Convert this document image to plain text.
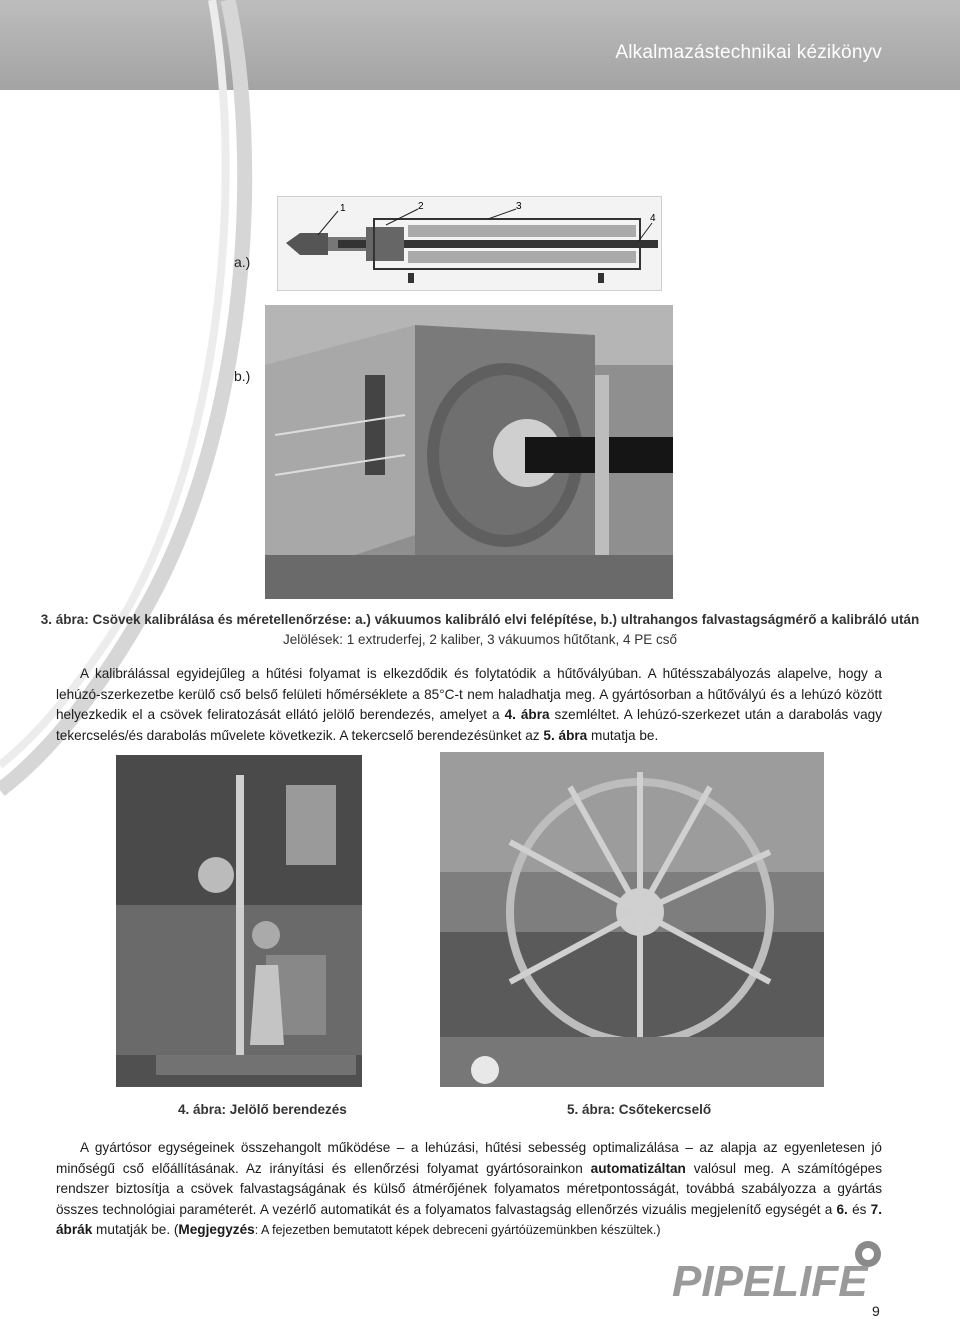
Alkalmazástechnikai kézikönyv
1	2	3
4
a.)
b.)
3. ábra: Csövek kalibrálása és méretellenőrzése: a.) vákuumos kalibráló elvi felépítése, b.) ultrahangos falvastagságmérő a kalibráló után
Jelölések: 1 extruderfej, 2 kaliber, 3 vákuumos hűtőtank, 4 PE cső
A kalibrálással egyidejűleg a hűtési folyamat is elkezdődik és folytatódik a hűtővályúban. A hűtésszabályozás alapelve, hogy a lehúzó-szerkezetbe kerülő cső belső felületi hőmérséklete a 85°C-t nem haladhatja meg. A gyártósorban a hűtővályú és a lehúzó között helyezkedik el a csövek feliratozását ellátó jelölő berendezés, amelyet a 4. ábra szemléltet. A lehúzó-szerkezet után a darabolás vagy tekercselés/és darabolás művelete következik. A tekercselő berendezésünket az 5. ábra mutatja be.
4. ábra: Jelölő berendezés	5. ábra: Csőtekercselő
A gyártósor egységeinek összehangolt működése – a lehúzási, hűtési sebesség optimalizálása – az alapja az egyenletesen jó minőségű cső előállításának. Az irányítási és ellenőrzési folyamat gyártósorainkon automatizáltan valósul meg. A számítógépes rendszer biztosítja a csövek falvastagságának és külső átmérőjének folyamatos méretpontosságát, továbbá szabályozza a gyártás összes technológiai paraméterét. A vezérlő automatikát és a folyamatos falvastagság ellenőrzés vizuális megjelenítő egységét a 6. és 7. ábrák mutatják be. (Megjegyzés: A fejezetben bemutatott képek debreceni gyártóüzemünkben készültek.)
PIPELIFE
9
